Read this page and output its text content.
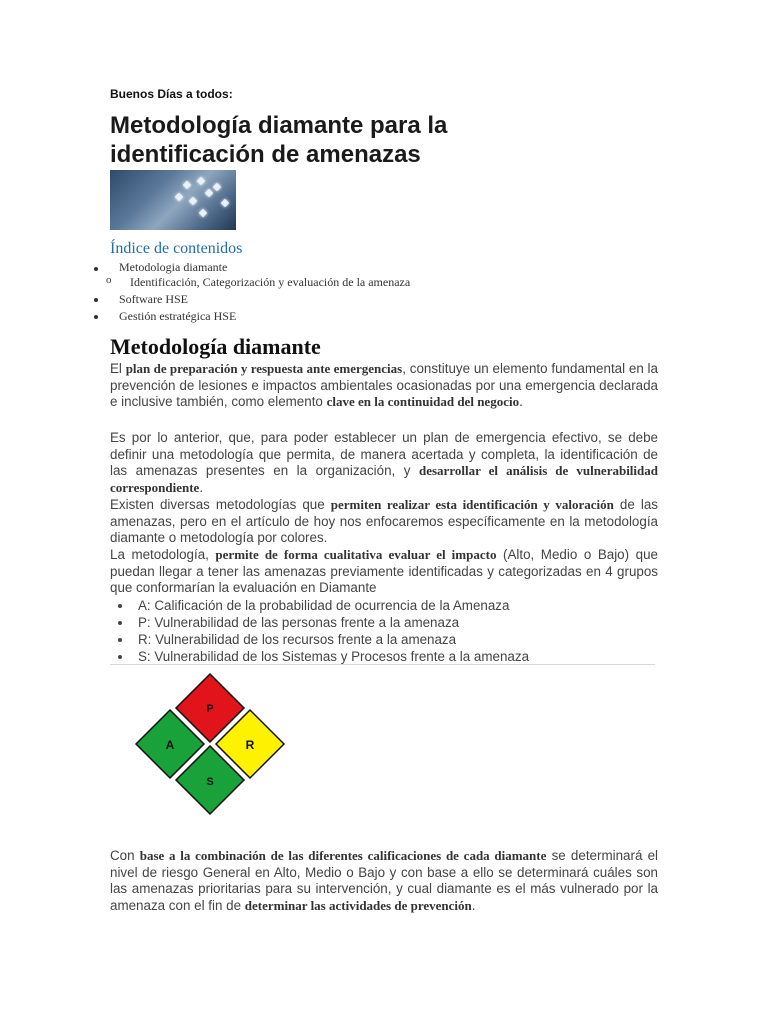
Buenos Días a todos:
Metodología diamante para la identificación de amenazas
Índice de contenidos
Metodologia diamante
o Identificación, Categorización y evaluación de la amenaza
Software HSE
Gestión estratégica HSE
Metodología diamante

El plan de preparación y respuesta ante emergencias, constituye un elemento fundamental en la prevención de lesiones e impactos ambientales ocasionadas por una emergencia declarada e inclusive también, como elemento clave en la continuidad del negocio.

Es por lo anterior, que, para poder establecer un plan de emergencia efectivo, se debe definir una metodología que permita, de manera acertada y completa, la identificación de las amenazas presentes en la organización, y desarrollar el análisis de vulnerabilidad correspondiente.

Existen diversas metodologías que permiten realizar esta identificación y valoración de las amenazas, pero en el artículo de hoy nos enfocaremos específicamente en la metodología diamante o metodología por colores.

La metodología, permite de forma cualitativa evaluar el impacto (Alto, Medio o Bajo) que puedan llegar a tener las amenazas previamente identificadas y categorizadas en 4 grupos que conformarían la evaluación en Diamante

A: Calificación de la probabilidad de ocurrencia de la Amenaza
P: Vulnerabilidad de las personas frente a la amenaza
R: Vulnerabilidad de los recursos frente a la amenaza
S: Vulnerabilidad de los Sistemas y Procesos frente a la amenaza
P
A	R
S

Con base a la combinación de las diferentes calificaciones de cada diamante se determinará el nivel de riesgo General en Alto, Medio o Bajo y con base a ello se determinará cuáles son las amenazas prioritarias para su intervención, y cual diamante es el más vulnerado por la amenaza con el fin de determinar las actividades de prevención.
